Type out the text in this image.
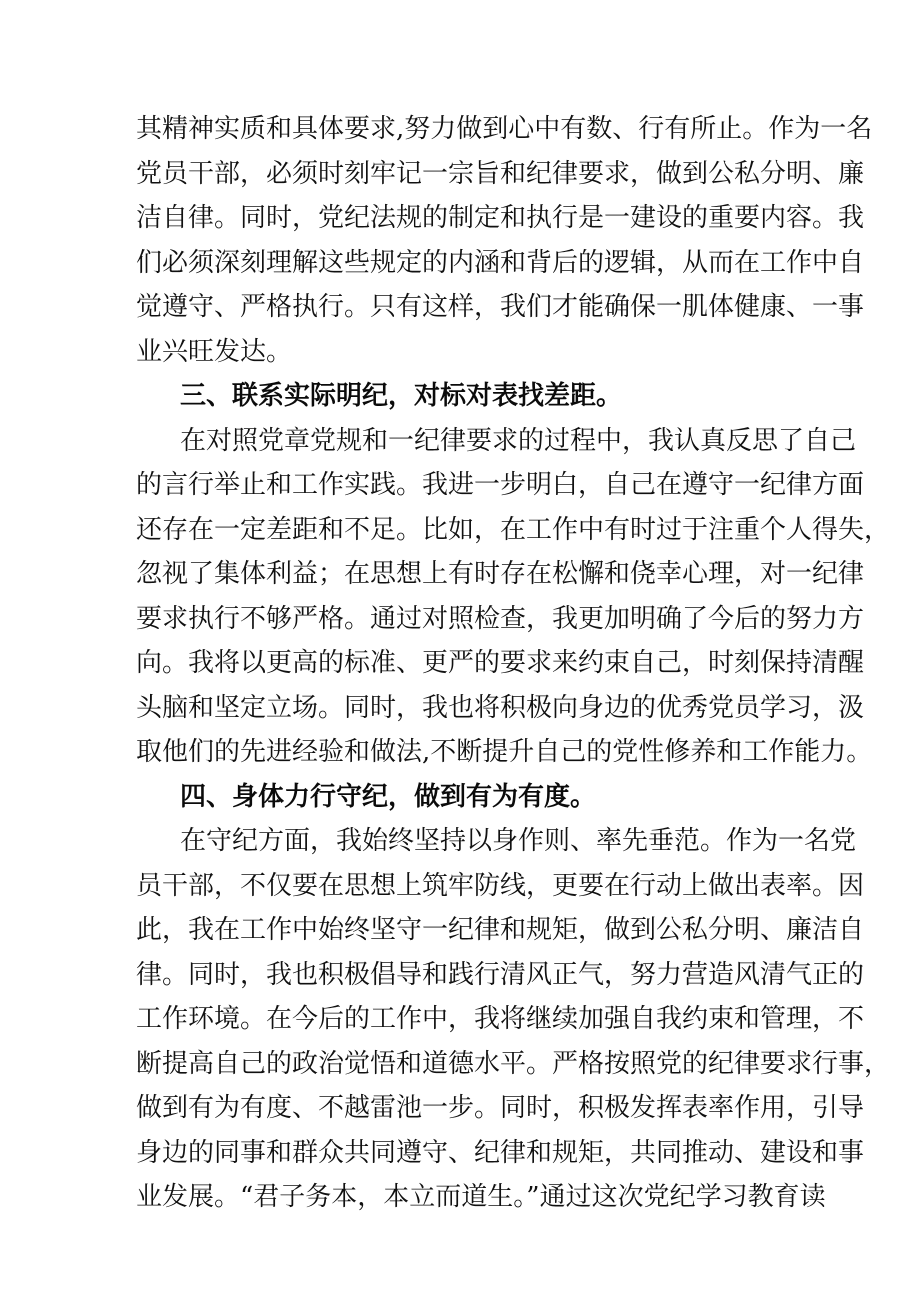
其精神实质和具体要求,努力做到心中有数、行有所止。作为一名
党员干部，必须时刻牢记一宗旨和纪律要求，做到公私分明、廉
洁自律。同时，党纪法规的制定和执行是一建设的重要内容。我
们必须深刻理解这些规定的内涵和背后的逻辑，从而在工作中自
觉遵守、严格执行。只有这样，我们才能确保一肌体健康、一事
业兴旺发达。
三、联系实际明纪，对标对表找差距。
在对照党章党规和一纪律要求的过程中，我认真反思了自己
的言行举止和工作实践。我进一步明白，自己在遵守一纪律方面
还存在一定差距和不足。比如，在工作中有时过于注重个人得失，
忽视了集体利益；在思想上有时存在松懈和侥幸心理，对一纪律
要求执行不够严格。通过对照检查，我更加明确了今后的努力方
向。我将以更高的标准、更严的要求来约束自己，时刻保持清醒
头脑和坚定立场。同时，我也将积极向身边的优秀党员学习，汲
取他们的先进经验和做法,不断提升自己的党性修养和工作能力。
四、身体力行守纪，做到有为有度。
在守纪方面，我始终坚持以身作则、率先垂范。作为一名党
员干部，不仅要在思想上筑牢防线，更要在行动上做出表率。因
此，我在工作中始终坚守一纪律和规矩，做到公私分明、廉洁自
律。同时，我也积极倡导和践行清风正气，努力营造风清气正的
工作环境。在今后的工作中，我将继续加强自我约束和管理，不
断提高自己的政治觉悟和道德水平。严格按照党的纪律要求行事，
做到有为有度、不越雷池一步。同时，积极发挥表率作用，引导
身边的同事和群众共同遵守、纪律和规矩，共同推动、建设和事
业发展。“君子务本，本立而道生。”通过这次党纪学习教育读
